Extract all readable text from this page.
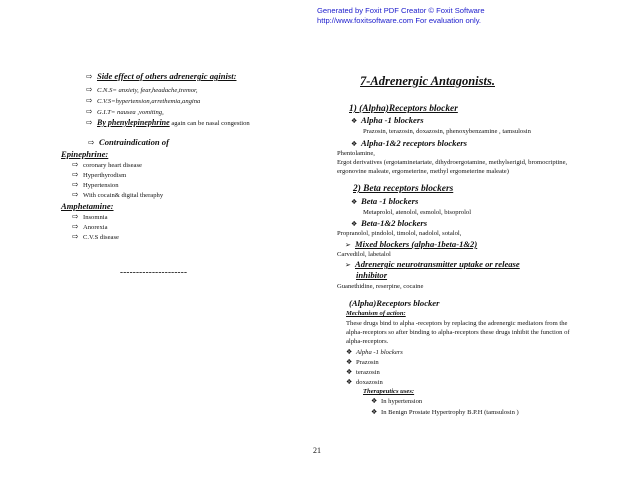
Generated by Foxit PDF Creator © Foxit Software
http://www.foxitsoftware.com For evaluation only.
⇨ Side effect of others adrenergic aginist:
⇨ C.N.S= anxiety, fear,headache,tremor,
⇨ C.V.S=hypertension,arrethemia,angina
⇨ G.I.T= nausea ,vomiting,
⇨ By phenylepinephrine again can be nasal congestion
⇨ Contraindication of
Epinephrine:
⇨ coronary heart disease
⇨ Hyperthyrodism
⇨ Hypertension
⇨ With cocain& digital theraphy
Amphetamine:
⇨ Insomnia
⇨ Anorexia
⇨ C.V.S disease
---------------------
7-Adrenergic Antagonists.
1) (Alpha)Receptors blocker
❖ Alpha -1 blockers
Prazosin, terazosin, doxazosin, phenoxybenzamine , tamsulosin
❖ Alpha-1&2 receptors blockers
Phentolamine,
Ergot derivatives (ergotaminetartate, dihydroergotamine, methylserigid, bromocriptine, ergonovine maleate, ergometerine, methyl ergometerine maleate)
2) Beta receptors blockers
❖ Beta -1 blockers
Metaprolol, atenolol, esmolol, bisoprolol
❖ Beta-1&2 blockers
Propranolol, pindolol, timolol, nadolol, sotalol,
➢ Mixed blockers (alpha-1beta-1&2)
Carvedilol, labetalol
➢ Adrenergic neurotransmitter uptake or release
inhibitor
Guanethidine, reserpine, cocaine
(Alpha)Receptors blocker
Mechanism of action:
These drugs bind to alpha -receptors by replacing the adrenergic mediators from the alpha-receptors so after binding to alpha-receptors these drugs inhibit the function of alpha-receptors.
❖ Alpha -1 blockers
❖ Prazosin
❖ terazosin
❖ doxazosin
Therapeutics uses:
❖ In hypertension
❖ In Benign Prostate Hypertrophy B.P.H (tamsulosin )
21
